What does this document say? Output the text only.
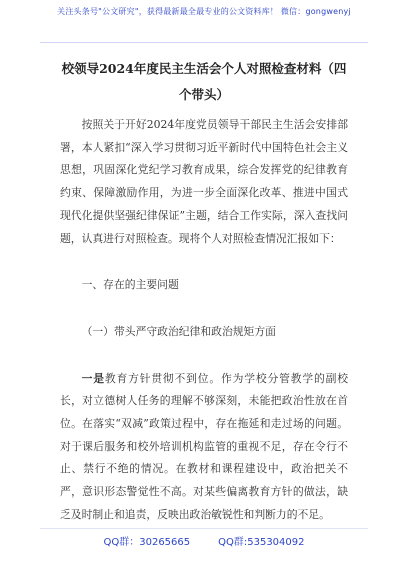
关注头条号"公文研究"，获得最新最全最专业的公文资料库！ 微信：gongwenyj
校领导2024年度民主生活会个人对照检查材料（四个带头）

按照关于开好2024年度党员领导干部民主生活会安排部署，本人紧扣“深入学习贯彻习近平新时代中国特色社会主义思想，巩固深化党纪学习教育成果，综合发挥党的纪律教育约束、保障激励作用，为进一步全面深化改革、推进中国式现代化提供坚强纪律保证”主题，结合工作实际，深入查找问题，认真进行对照检查。现将个人对照检查情况汇报如下：

一、存在的主要问题

（一）带头严守政治纪律和政治规矩方面

一是教育方针贯彻不到位。作为学校分管教学的副校长，对立德树人任务的理解不够深刻，未能把政治性放在首位。在落实“双减”政策过程中，存在拖延和走过场的问题。对于课后服务和校外培训机构监管的重视不足，存在令行不止、禁行不绝的情况。在教材和课程建设中，政治把关不严，意识形态警觉性不高。对某些偏离教育方针的做法，缺乏及时制止和追责，反映出政治敏锐性和判断力的不足。

QQ群：30265665	QQ群:535304092
